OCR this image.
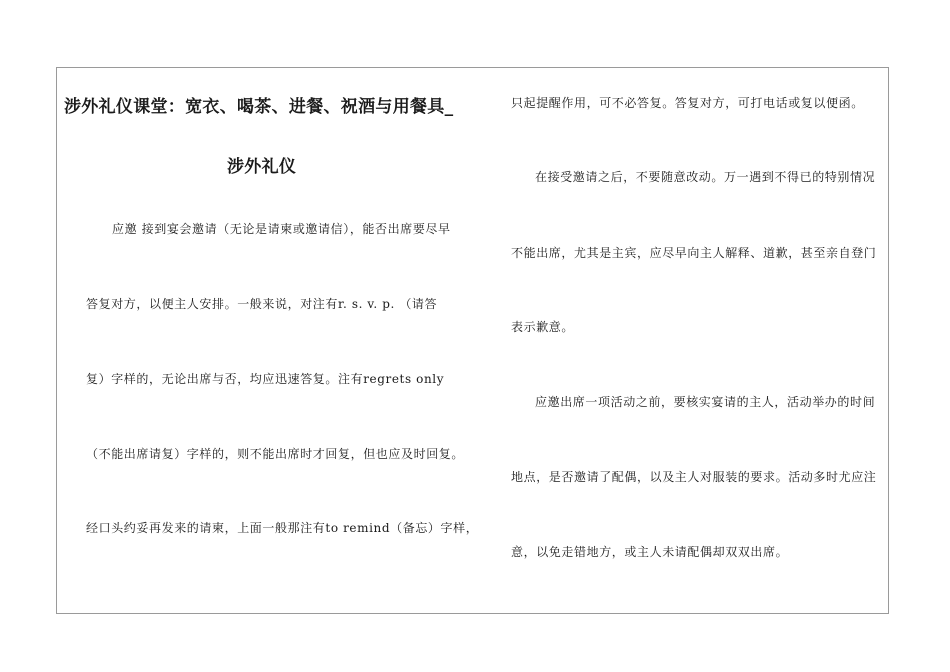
涉外礼仪课堂：宽衣、喝茶、进餐、祝酒与用餐具_
涉外礼仪
应邀 接到宴会邀请（无论是请柬或邀请信），能否出席要尽早
答复对方，以便主人安排。一般来说，对注有r. s. v. p. （请答
复）字样的，无论出席与否，均应迅速答复。注有regrets only
（不能出席请复）字样的，则不能出席时才回复，但也应及时回复。
经口头约妥再发来的请柬，上面一般那注有to remind（备忘）字样，
只起提醒作用，可不必答复。答复对方，可打电话或复以便函。
在接受邀请之后，不要随意改动。万一遇到不得已的特别情况
不能出席，尤其是主宾，应尽早向主人解释、道歉，甚至亲自登门
表示歉意。
应邀出席一项活动之前，要核实宴请的主人，活动举办的时间
地点，是否邀请了配偶，以及主人对服装的要求。活动多时尤应注
意，以免走错地方，或主人未请配偶却双双出席。
